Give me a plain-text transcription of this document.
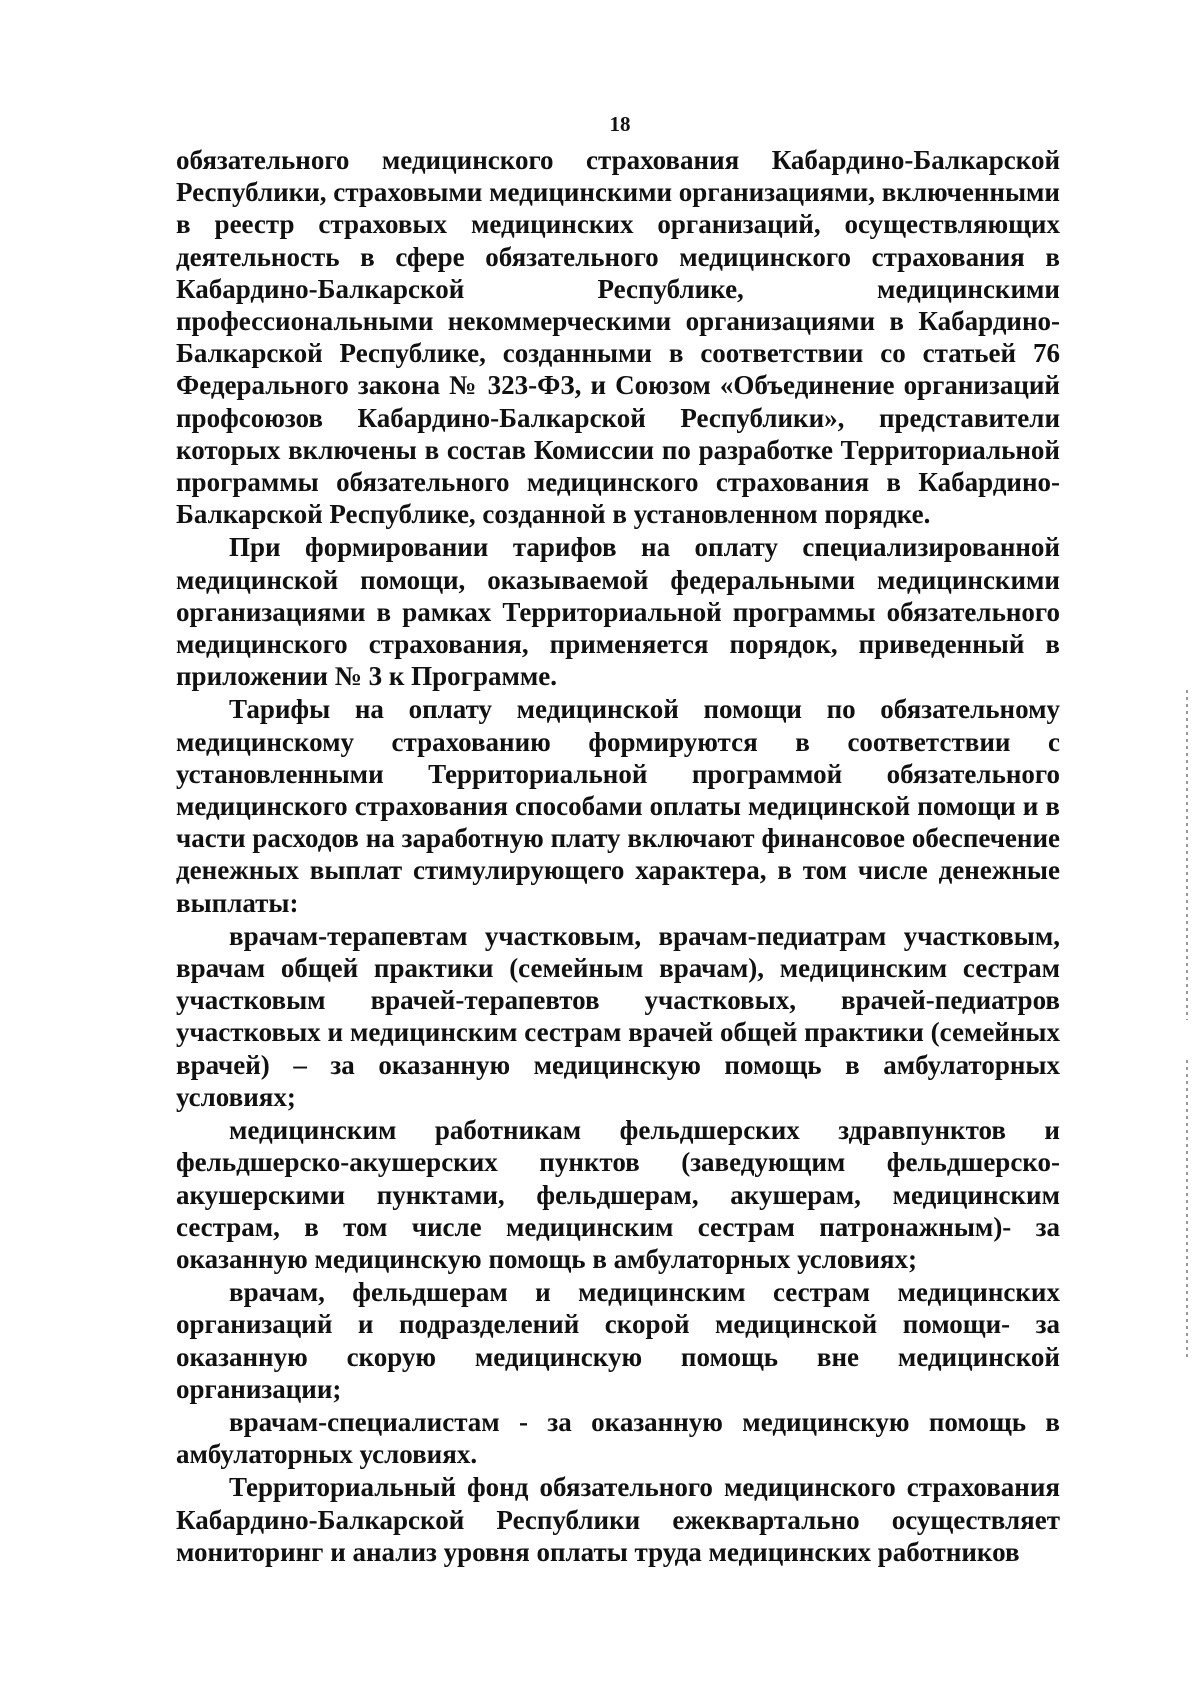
18

обязательного медицинского страхования Кабардино-Балкарской Республики, страховыми медицинскими организациями, включенными в реестр страховых медицинских организаций, осуществляющих деятельность в сфере обязательного медицинского страхования в Кабардино-Балкарской Республике, медицинскими профессиональными некоммерческими организациями в Кабардино-Балкарской Республике, созданными в соответствии со статьей 76 Федерального закона № 323-ФЗ, и Союзом «Объединение организаций профсоюзов Кабардино-Балкарской Республики», представители которых включены в состав Комиссии по разработке Территориальной программы обязательного медицинского страхования в Кабардино-Балкарской Республике, созданной в установленном порядке.

При формировании тарифов на оплату специализированной медицинской помощи, оказываемой федеральными медицинскими организациями в рамках Территориальной программы обязательного медицинского страхования, применяется порядок, приведенный в приложении № 3 к Программе.

Тарифы на оплату медицинской помощи по обязательному медицинскому страхованию формируются в соответствии с установленными Территориальной программой обязательного медицинского страхования способами оплаты медицинской помощи и в части расходов на заработную плату включают финансовое обеспечение денежных выплат стимулирующего характера, в том числе денежные выплаты:

врачам-терапевтам участковым, врачам-педиатрам участковым, врачам общей практики (семейным врачам), медицинским сестрам участковым врачей-терапевтов участковых, врачей-педиатров участковых и медицинским сестрам врачей общей практики (семейных врачей) – за оказанную медицинскую помощь в амбулаторных условиях;

медицинским работникам фельдшерских здравпунктов и фельдшерско-акушерских пунктов (заведующим фельдшерско-акушерскими пунктами, фельдшерам, акушерам, медицинским сестрам, в том числе медицинским сестрам патронажным)- за оказанную медицинскую помощь в амбулаторных условиях;

врачам, фельдшерам и медицинским сестрам медицинских организаций и подразделений скорой медицинской помощи- за оказанную скорую медицинскую помощь вне медицинской организации;

врачам-специалистам - за оказанную медицинскую помощь в амбулаторных условиях.

Территориальный фонд обязательного медицинского страхования Кабардино-Балкарской Республики ежеквартально осуществляет мониторинг и анализ уровня оплаты труда медицинских работников
